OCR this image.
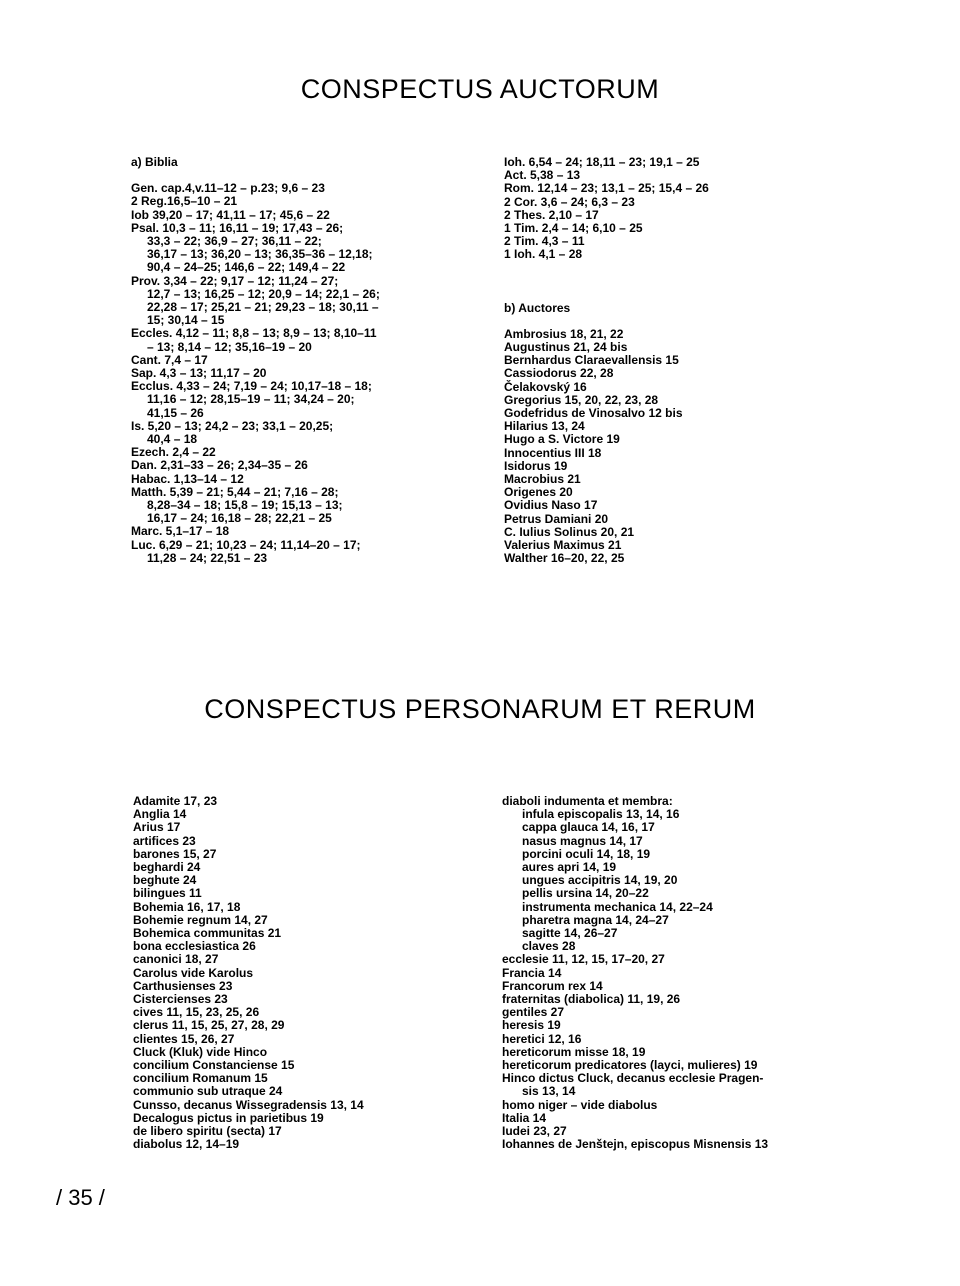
CONSPECTUS AUCTORUM
a) Biblia
Gen. cap.4,v.11–12 – p.23; 9,6 – 23
2 Reg.16,5–10 – 21
Iob 39,20 – 17; 41,11 – 17; 45,6 – 22
Psal. 10,3 – 11; 16,11 – 19; 17,43 – 26;
33,3 – 22; 36,9 – 27; 36,11 – 22;
36,17 – 13; 36,20 – 13; 36,35–36 – 12,18;
90,4 – 24–25; 146,6 – 22; 149,4 – 22
Prov. 3,34 – 22; 9,17 – 12; 11,24 – 27;
12,7 – 13; 16,25 – 12; 20,9 – 14; 22,1 – 26;
22,28 – 17; 25,21 – 21; 29,23 – 18; 30,11 –
15; 30,14 – 15
Eccles. 4,12 – 11; 8,8 – 13; 8,9 – 13; 8,10–11
– 13; 8,14 – 12; 35,16–19 – 20
Cant. 7,4 – 17
Sap. 4,3 – 13; 11,17 – 20
Ecclus. 4,33 – 24; 7,19 – 24; 10,17–18 – 18;
11,16 – 12; 28,15–19 – 11; 34,24 – 20;
41,15 – 26
Is. 5,20 – 13; 24,2 – 23; 33,1 – 20,25;
40,4 – 18
Ezech. 2,4 – 22
Dan. 2,31–33 – 26; 2,34–35 – 26
Habac. 1,13–14 – 12
Matth. 5,39 – 21; 5,44 – 21; 7,16 – 28;
8,28–34 – 18; 15,8 – 19; 15,13 – 13;
16,17 – 24; 16,18 – 28; 22,21 – 25
Marc. 5,1–17 – 18
Luc. 6,29 – 21; 10,23 – 24; 11,14–20 – 17;
11,28 – 24; 22,51 – 23
Ioh. 6,54 – 24; 18,11 – 23; 19,1 – 25
Act. 5,38 – 13
Rom. 12,14 – 23; 13,1 – 25; 15,4 – 26
2 Cor. 3,6 – 24; 6,3 – 23
2 Thes. 2,10 – 17
1 Tim. 2,4 – 14; 6,10 – 25
2 Tim. 4,3 – 11
1 Ioh. 4,1 – 28
b) Auctores
Ambrosius 18, 21, 22
Augustinus 21, 24 bis
Bernhardus Claraevallensis 15
Cassiodorus 22, 28
Čelakovský 16
Gregorius 15, 20, 22, 23, 28
Godefridus de Vinosalvo 12 bis
Hilarius 13, 24
Hugo a S. Victore 19
Innocentius III 18
Isidorus 19
Macrobius 21
Origenes 20
Ovidius Naso 17
Petrus Damiani 20
C. Iulius Solinus 20, 21
Valerius Maximus 21
Walther 16–20, 22, 25
CONSPECTUS PERSONARUM ET RERUM
Adamite 17, 23
Anglia 14
Arius 17
artifices 23
barones 15, 27
beghardi 24
beghute 24
bilingues 11
Bohemia 16, 17, 18
Bohemie regnum 14, 27
Bohemica communitas 21
bona ecclesiastica 26
canonici 18, 27
Carolus vide Karolus
Carthusienses 23
Cistercienses 23
cives 11, 15, 23, 25, 26
clerus 11, 15, 25, 27, 28, 29
clientes 15, 26, 27
Cluck (Kluk) vide Hinco
concilium Constanciense 15
concilium Romanum 15
communio sub utraque 24
Cunsso, decanus Wissegradensis 13, 14
Decalogus pictus in parietibus 19
de libero spiritu (secta) 17
diabolus 12, 14–19
diaboli indumenta et membra:
infula episcopalis 13, 14, 16
cappa glauca 14, 16, 17
nasus magnus 14, 17
porcini oculi 14, 18, 19
aures apri 14, 19
ungues accipitris 14, 19, 20
pellis ursina 14, 20–22
instrumenta mechanica 14, 22–24
pharetra magna 14, 24–27
sagitte 14, 26–27
claves 28
ecclesie 11, 12, 15, 17–20, 27
Francia 14
Francorum rex 14
fraternitas (diabolica) 11, 19, 26
gentiles 27
heresis 19
heretici 12, 16
hereticorum misse 18, 19
hereticorum predicatores (layci, mulieres) 19
Hinco dictus Cluck, decanus ecclesie Pragen-
sis 13, 14
homo niger – vide diabolus
Italia 14
Iudei 23, 27
Iohannes de Jenštejn, episcopus Misnensis 13
/ 35 /
